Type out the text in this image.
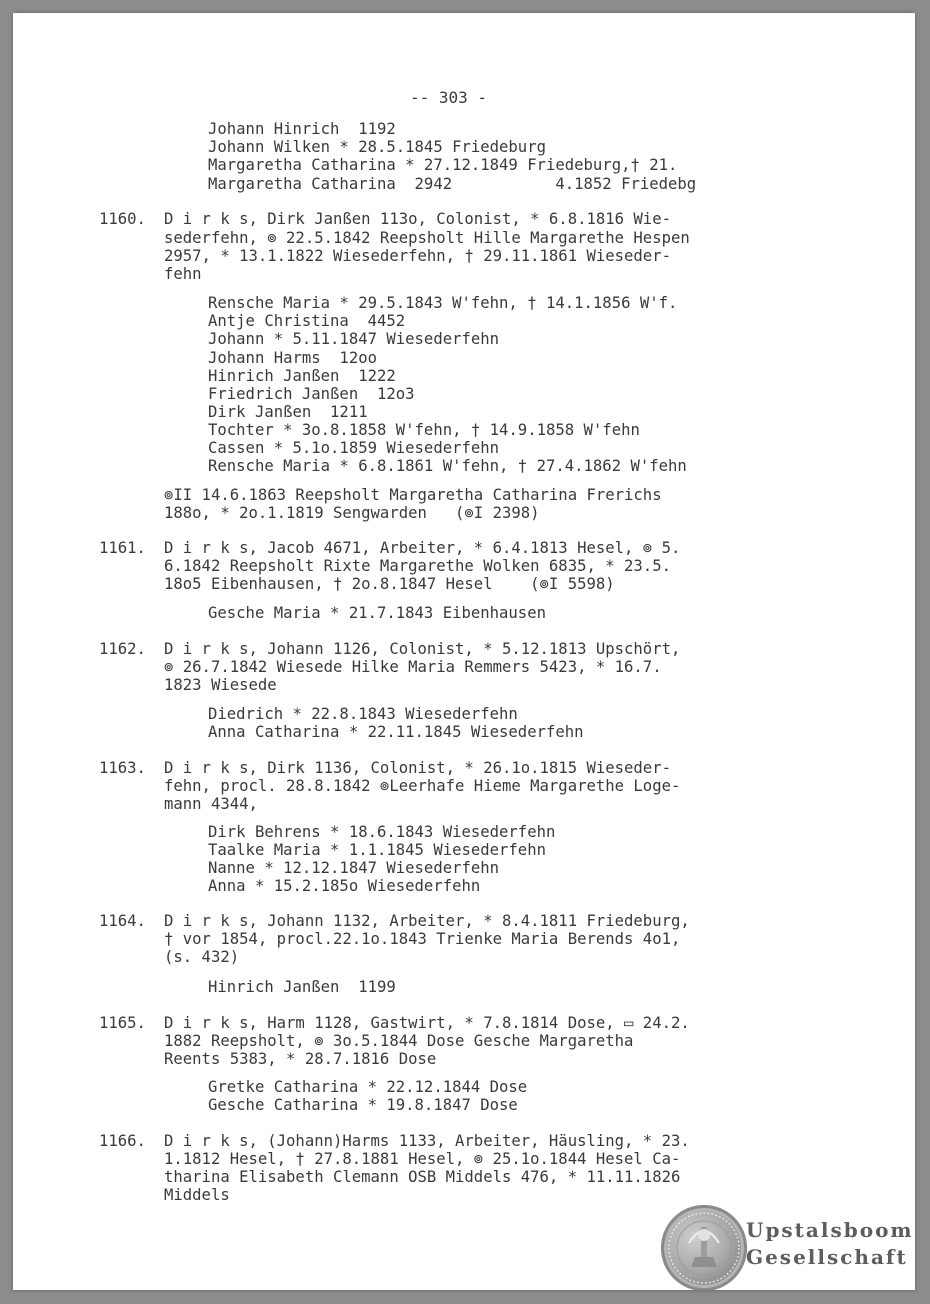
-- 303 -
Johann Hinrich  1192
Johann Wilken * 28.5.1845 Friedeburg
Margaretha Catharina * 27.12.1849 Friedeburg,† 21.
Margaretha Catharina  2942           4.1852 Friedebg
1160. D i r k s, Dirk Janßen 113o, Colonist, * 6.8.1816 Wie-
sederfehn, ⊚ 22.5.1842 Reepsholt Hille Margarethe Hespen
2957, * 13.1.1822 Wiesederfehn, † 29.11.1861 Wieseder-
fehn
Rensche Maria * 29.5.1843 W'fehn, † 14.1.1856 W'f.
Antje Christina  4452
Johann * 5.11.1847 Wiesederfehn
Johann Harms  12oo
Hinrich Janßen  1222
Friedrich Janßen  12o3
Dirk Janßen  1211
Tochter * 3o.8.1858 W'fehn, † 14.9.1858 W'fehn
Cassen * 5.1o.1859 Wiesederfehn
Rensche Maria * 6.8.1861 W'fehn, † 27.4.1862 W'fehn
⊚II 14.6.1863 Reepsholt Margaretha Catharina Frerichs
188o, * 2o.1.1819 Sengwarden   (⊚I 2398)
1161. D i r k s, Jacob 4671, Arbeiter, * 6.4.1813 Hesel, ⊚ 5.
6.1842 Reepsholt Rixte Margarethe Wolken 6835, * 23.5.
18o5 Eibenhausen, † 2o.8.1847 Hesel    (⊚I 5598)
Gesche Maria * 21.7.1843 Eibenhausen
1162. D i r k s, Johann 1126, Colonist, * 5.12.1813 Upschört,
⊚ 26.7.1842 Wiesede Hilke Maria Remmers 5423, * 16.7.
1823 Wiesede
Diedrich * 22.8.1843 Wiesederfehn
Anna Catharina * 22.11.1845 Wiesederfehn
1163. D i r k s, Dirk 1136, Colonist, * 26.1o.1815 Wieseder-
fehn, procl. 28.8.1842 ⊚Leerhafe Hieme Margarethe Loge-
mann 4344,
Dirk Behrens * 18.6.1843 Wiesederfehn
Taalke Maria * 1.1.1845 Wiesederfehn
Nanne * 12.12.1847 Wiesederfehn
Anna * 15.2.185o Wiesederfehn
1164. D i r k s, Johann 1132, Arbeiter, * 8.4.1811 Friedeburg,
† vor 1854, procl.22.1o.1843 Trienke Maria Berends 4o1,
(s. 432)
Hinrich Janßen  1199
1165. D i r k s, Harm 1128, Gastwirt, * 7.8.1814 Dose, ▭ 24.2.
1882 Reepsholt, ⊚ 3o.5.1844 Dose Gesche Margaretha
Reents 5383, * 28.7.1816 Dose
Gretke Catharina * 22.12.1844 Dose
Gesche Catharina * 19.8.1847 Dose
1166. D i r k s, (Johann)Harms 1133, Arbeiter, Häusling, * 23.
1.1812 Hesel, † 27.8.1881 Hesel, ⊚ 25.1o.1844 Hesel Ca-
tharina Elisabeth Clemann OSB Middels 476, * 11.11.1826
Middels
Upstalsboom
Gesellschaft
